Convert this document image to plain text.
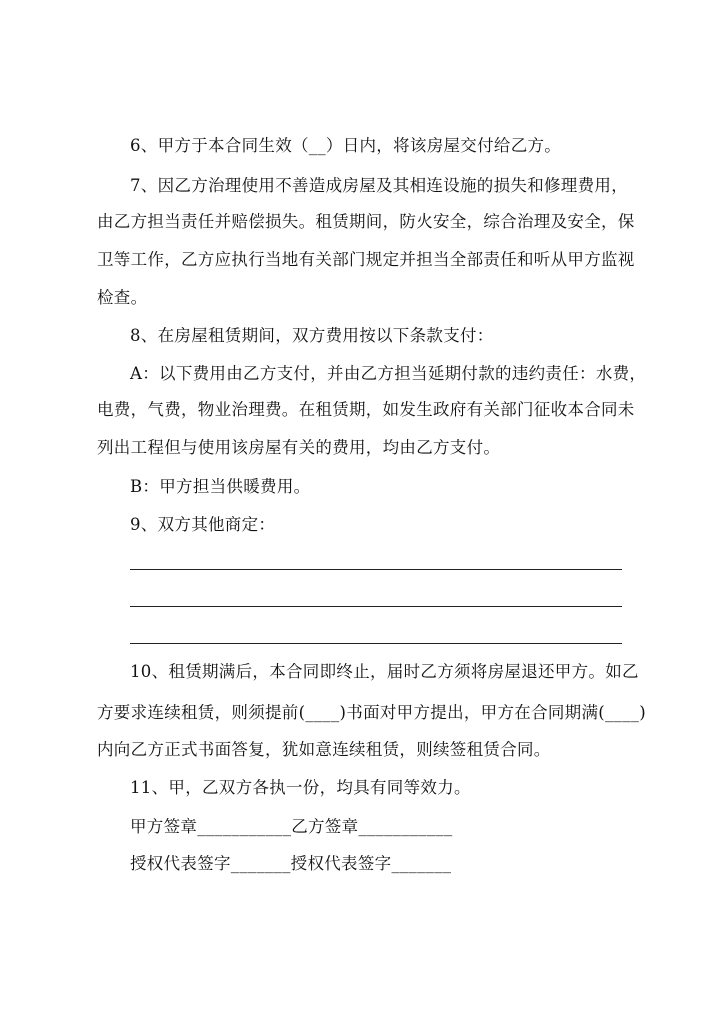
6、甲方于本合同生效（__）日内，将该房屋交付给乙方。
7、因乙方治理使用不善造成房屋及其相连设施的损失和修理费用，
由乙方担当责任并赔偿损失。租赁期间，防火安全，综合治理及安全，保
卫等工作，乙方应执行当地有关部门规定并担当全部责任和听从甲方监视
检查。
8、在房屋租赁期间，双方费用按以下条款支付：
A：以下费用由乙方支付，并由乙方担当延期付款的违约责任：水费，
电费，气费，物业治理费。在租赁期，如发生政府有关部门征收本合同未
列出工程但与使用该房屋有关的费用，均由乙方支付。
B：甲方担当供暖费用。
9、双方其他商定：
10、租赁期满后，本合同即终止，届时乙方须将房屋退还甲方。如乙
方要求连续租赁，则须提前(____)书面对甲方提出，甲方在合同期满(____)
内向乙方正式书面答复，犹如意连续租赁，则续签租赁合同。
11、甲，乙双方各执一份，均具有同等效力。
甲方签章___________乙方签章___________
授权代表签字_______授权代表签字_______
